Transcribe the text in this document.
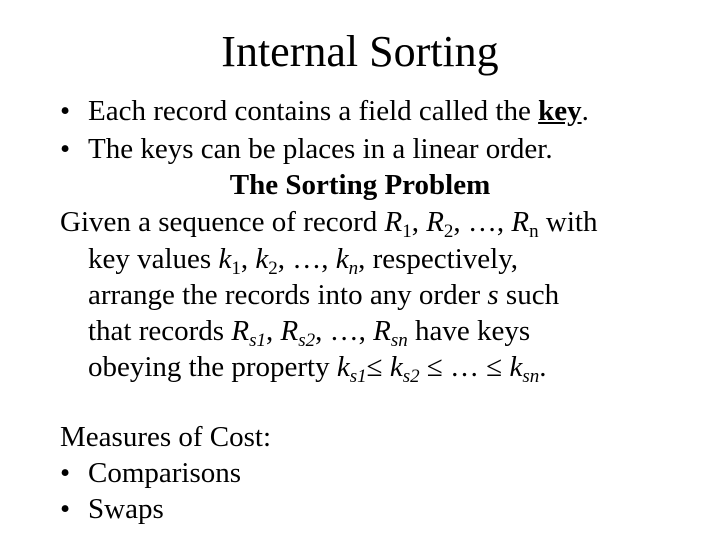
Internal Sorting
• Each record contains a field called the key.
• The keys can be places in a linear order.
The Sorting Problem
Given a sequence of record $R_1$, $R_2$, …, $R_n$ with
key values $k_1$, $k_2$, …, $k_n$, respectively,
arrange the records into any order s such
that records $R_{s1}$, $R_{s2}$, …, $R_{sn}$ have keys
obeying the property $k_{s1}\le k_{s2}$ ≤ … ≤ $k_{sn}$.
Measures of Cost:
• Comparisons
• Swaps
